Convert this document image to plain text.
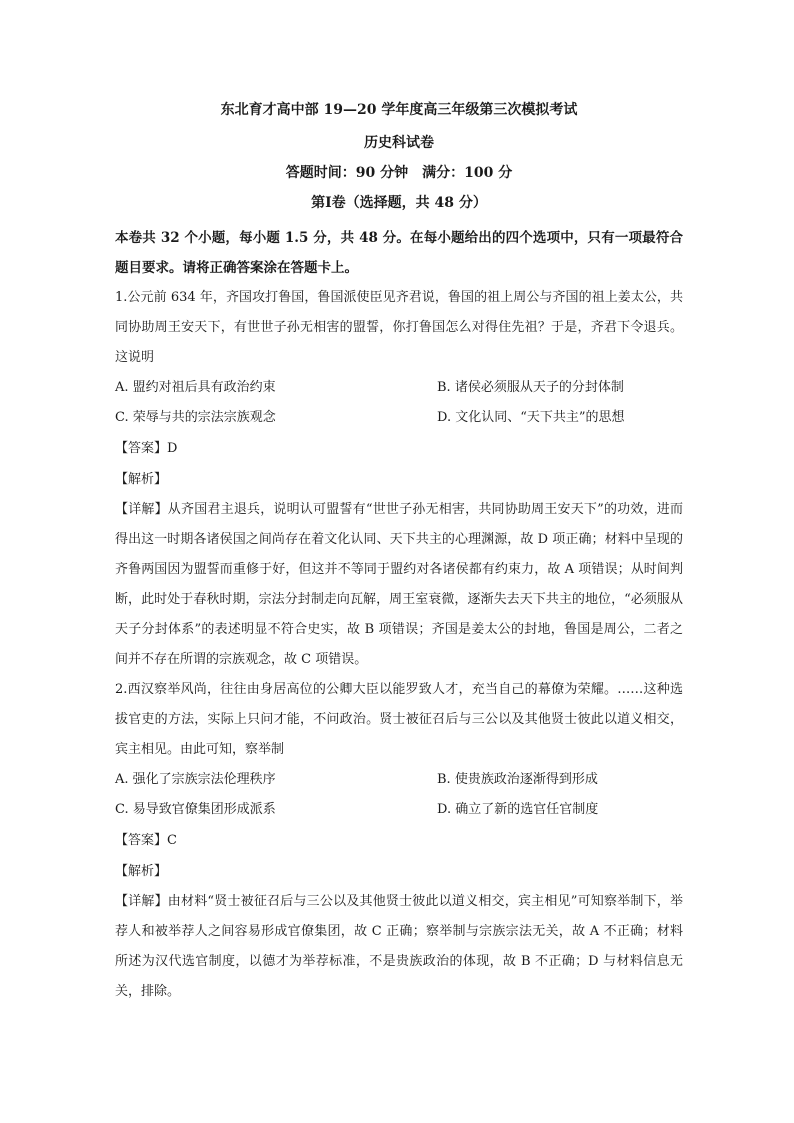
东北育才高中部 19—20 学年度高三年级第三次模拟考试
历史科试卷
答题时间：90 分钟　满分：100 分
第Ⅰ卷（选择题，共 48 分）
本卷共 32 个小题，每小题 1.5 分，共 48 分。在每小题给出的四个选项中，只有一项最符合题目要求。请将正确答案涂在答题卡上。
1.公元前 634 年，齐国攻打鲁国，鲁国派使臣见齐君说，鲁国的祖上周公与齐国的祖上姜太公，共同协助周王安天下，有世世子孙无相害的盟誓，你打鲁国怎么对得住先祖？于是，齐君下令退兵。这说明
A. 盟约对祖后具有政治约束	B. 诸侯必须服从天子的分封体制
C. 荣辱与共的宗法宗族观念	D. 文化认同、“天下共主”的思想
【答案】D
【解析】
【详解】从齐国君主退兵，说明认可盟誓有“世世子孙无相害，共同协助周王安天下”的功效，进而得出这一时期各诸侯国之间尚存在着文化认同、天下共主的心理渊源，故 D 项正确；材料中呈现的齐鲁两国因为盟誓而重修于好，但这并不等同于盟约对各诸侯都有约束力，故 A 项错误；从时间判断，此时处于春秋时期，宗法分封制走向瓦解，周王室衰微，逐渐失去天下共主的地位，“必须服从天子分封体系”的表述明显不符合史实，故 B 项错误；齐国是姜太公的封地，鲁国是周公，二者之间并不存在所谓的宗族观念，故 C 项错误。
2.西汉察举风尚，往往由身居高位的公卿大臣以能罗致人才，充当自己的幕僚为荣耀。……这种选拔官吏的方法，实际上只问才能，不问政治。贤士被征召后与三公以及其他贤士彼此以道义相交，宾主相见。由此可知，察举制
A. 强化了宗族宗法伦理秩序	B. 使贵族政治逐渐得到形成
C. 易导致官僚集团形成派系	D. 确立了新的选官任官制度
【答案】C
【解析】
【详解】由材料“贤士被征召后与三公以及其他贤士彼此以道义相交，宾主相见”可知察举制下，举荐人和被举荐人之间容易形成官僚集团，故 C 正确；察举制与宗族宗法无关，故 A 不正确；材料所述为汉代选官制度，以德才为举荐标准，不是贵族政治的体现，故 B 不正确；D 与材料信息无关，排除。
